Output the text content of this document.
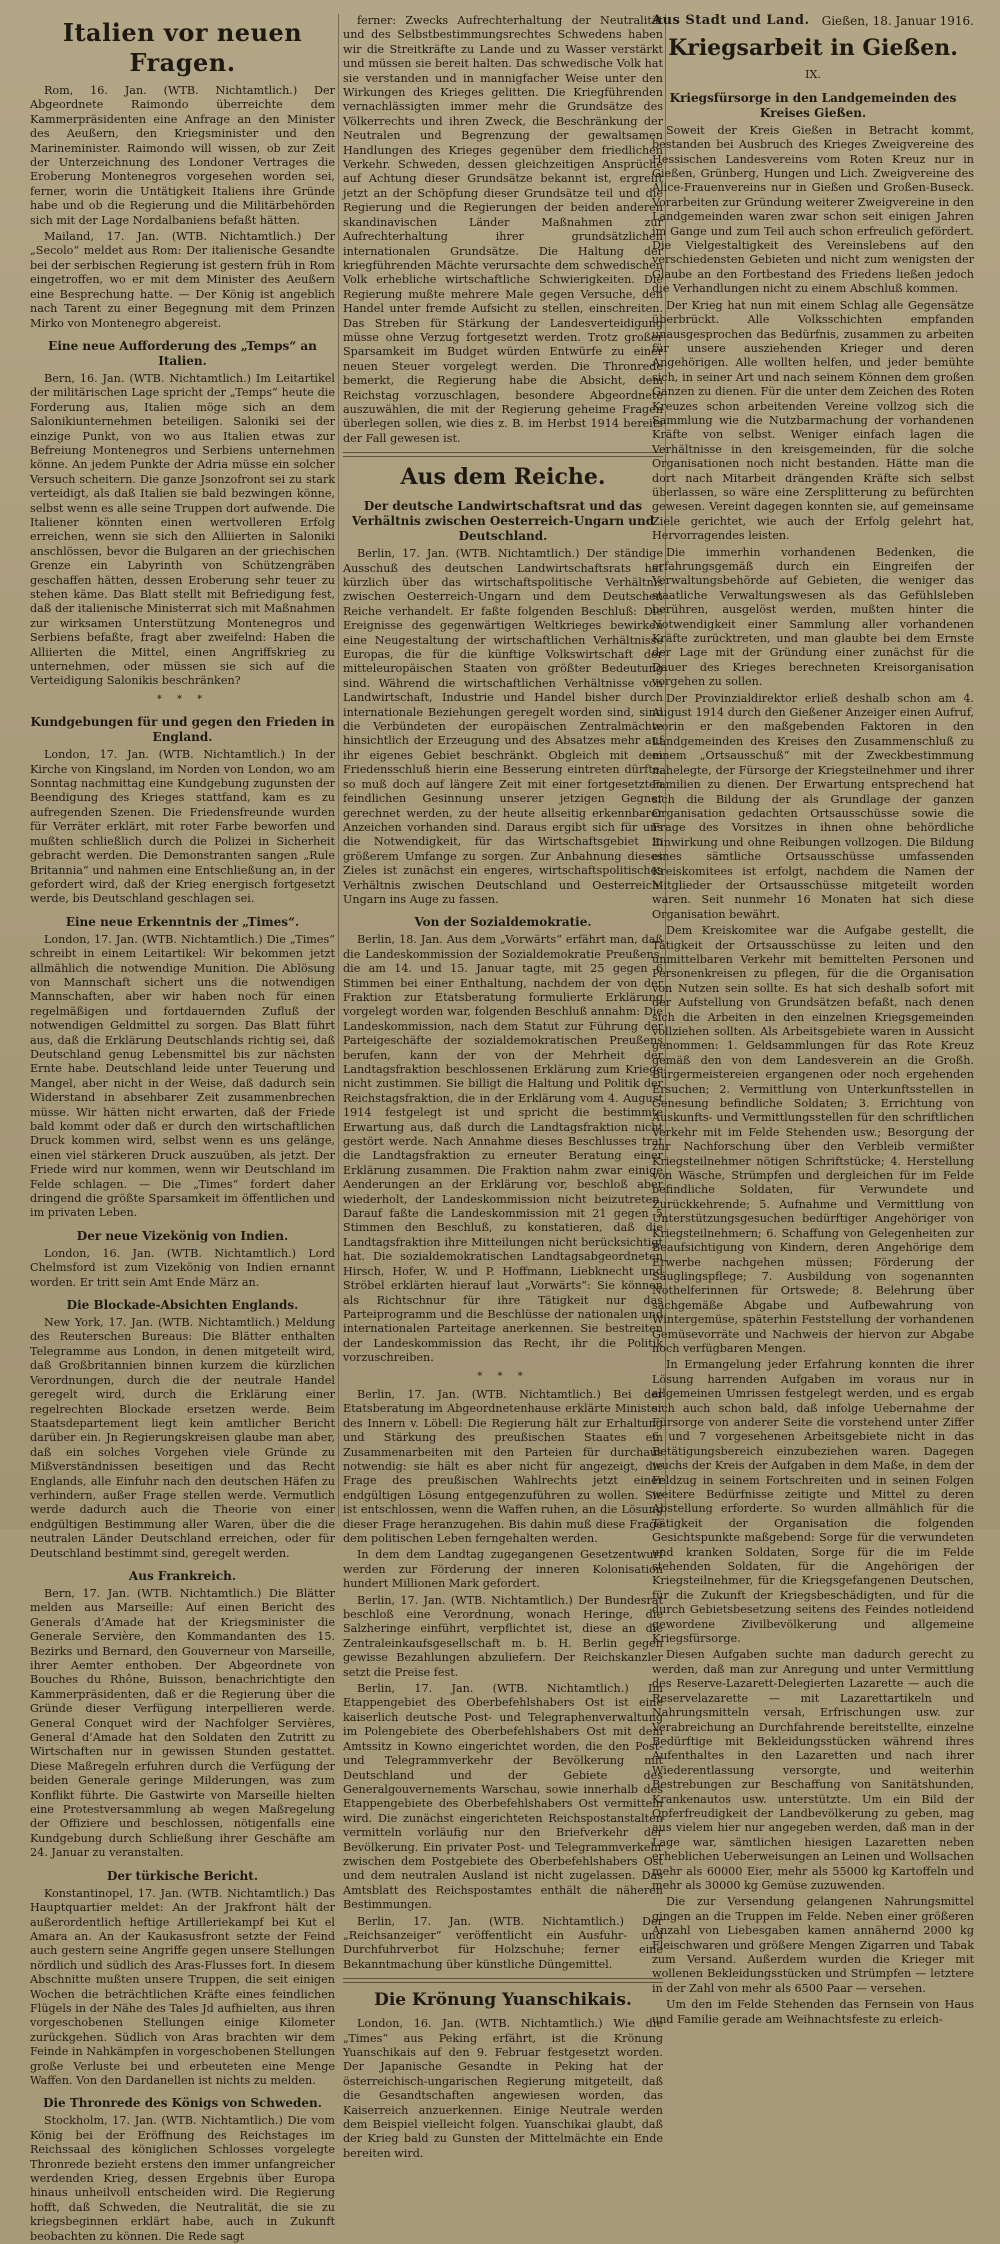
Italien vor neuen Fragen.

Rom, 16. Jan. (WTB. Nichtamtlich.) Der Abgeordnete Raimondo überreichte dem Kammerpräsidenten eine Anfrage an den Minister des Aeußern, den Kriegsminister und den Marineminister. Raimondo will wissen, ob zur Zeit der Unterzeichnung des Londoner Vertrages die Eroberung Montenegros vorgesehen worden sei, ferner, worin die Untätigkeit Italiens ihre Gründe habe und ob die Regierung und die Militärbehörden sich mit der Lage Nordalbaniens befaßt hätten.

Mailand, 17. Jan. (WTB. Nichtamtlich.) Der „Secolo“ meldet aus Rom: Der italienische Gesandte bei der serbischen Regierung ist gestern früh in Rom eingetroffen, wo er mit dem Minister des Aeußern eine Besprechung hatte. — Der König ist angeblich nach Tarent zu einer Begegnung mit dem Prinzen Mirko von Montenegro abgereist.

Eine neue Aufforderung des „Temps“ an Italien.

Bern, 16. Jan. (WTB. Nichtamtlich.) Im Leitartikel der militärischen Lage spricht der „Temps“ heute die Forderung aus, Italien möge sich an dem Salonikiunternehmen beteiligen. Saloniki sei der einzige Punkt, von wo aus Italien etwas zur Befreiung Montenegros und Serbiens unternehmen könne. An jedem Punkte der Adria müsse ein solcher Versuch scheitern. Die ganze Jsonzofront sei zu stark verteidigt, als daß Italien sie bald bezwingen könne, selbst wenn es alle seine Truppen dort aufwende. Die Italiener könnten einen wertvolleren Erfolg erreichen, wenn sie sich den Alliierten in Saloniki anschlössen, bevor die Bulgaren an der griechischen Grenze ein Labyrinth von Schützengräben geschaffen hätten, dessen Eroberung sehr teuer zu stehen käme. Das Blatt stellt mit Befriedigung fest, daß der italienische Ministerrat sich mit Maßnahmen zur wirksamen Unterstützung Montenegros und Serbiens befaßte, fragt aber zweifelnd: Haben die Alliierten die Mittel, einen Angriffskrieg zu unternehmen, oder müssen sie sich auf die Verteidigung Salonikis beschränken?

* * *
Kundgebungen für und gegen den Frieden in England.

London, 17. Jan. (WTB. Nichtamtlich.) In der Kirche von Kingsland, im Norden von London, wo am Sonntag nachmittag eine Kundgebung zugunsten der Beendigung des Krieges stattfand, kam es zu aufregenden Szenen. Die Friedensfreunde wurden für Verräter erklärt, mit roter Farbe beworfen und mußten schließlich durch die Polizei in Sicherheit gebracht werden. Die Demonstranten sangen „Rule Britannia“ und nahmen eine Entschließung an, in der gefordert wird, daß der Krieg energisch fortgesetzt werde, bis Deutschland geschlagen sei.

Eine neue Erkenntnis der „Times“.

London, 17. Jan. (WTB. Nichtamtlich.) Die „Times“ schreibt in einem Leitartikel: Wir bekommen jetzt allmählich die notwendige Munition. Die Ablösung von Mannschaft sichert uns die notwendigen Mannschaften, aber wir haben noch für einen regelmäßigen und fortdauernden Zufluß der notwendigen Geldmittel zu sorgen. Das Blatt führt aus, daß die Erklärung Deutschlands richtig sei, daß Deutschland genug Lebensmittel bis zur nächsten Ernte habe. Deutschland leide unter Teuerung und Mangel, aber nicht in der Weise, daß dadurch sein Widerstand in absehbarer Zeit zusammenbrechen müsse. Wir hätten nicht erwarten, daß der Friede bald kommt oder daß er durch den wirtschaftlichen Druck kommen wird, selbst wenn es uns gelänge, einen viel stärkeren Druck auszuüben, als jetzt. Der Friede wird nur kommen, wenn wir Deutschland im Felde schlagen. — Die „Times“ fordert daher dringend die größte Sparsamkeit im öffentlichen und im privaten Leben.

Der neue Vizekönig von Indien.

London, 16. Jan. (WTB. Nichtamtlich.) Lord Chelmsford ist zum Vizekönig von Indien ernannt worden. Er tritt sein Amt Ende März an.

Die Blockade-Absichten Englands.

New York, 17. Jan. (WTB. Nichtamtlich.) Meldung des Reuterschen Bureaus: Die Blätter enthalten Telegramme aus London, in denen mitgeteilt wird, daß Großbritannien binnen kurzem die kürzlichen Verordnungen, durch die der neutrale Handel geregelt wird, durch die Erklärung einer regelrechten Blockade ersetzen werde. Beim Staatsdepartement liegt kein amtlicher Bericht darüber ein. Jn Regierungskreisen glaube man aber, daß ein solches Vorgehen viele Gründe zu Mißverständnissen beseitigen und das Recht Englands, alle Einfuhr nach den deutschen Häfen zu verhindern, außer Frage stellen werde. Vermutlich werde dadurch auch die Theorie von einer endgültigen Bestimmung aller Waren, über die die neutralen Länder Deutschland erreichen, oder für Deutschland bestimmt sind, geregelt werden.

Aus Frankreich.

Bern, 17. Jan. (WTB. Nichtamtlich.) Die Blätter melden aus Marseille: Auf einen Bericht des Generals d’Amade hat der Kriegsminister die Generale Servière, den Kommandanten des 15. Bezirks und Bernard, den Gouverneur von Marseille, ihrer Aemter enthoben. Der Abgeordnete von Bouches du Rhône, Buisson, benachrichtigte den Kammerpräsidenten, daß er die Regierung über die Gründe dieser Verfügung interpellieren werde. General Conquet wird der Nachfolger Servières, General d’Amade hat den Soldaten den Zutritt zu Wirtschaften nur in gewissen Stunden gestattet. Diese Maßregeln erfuhren durch die Verfügung der beiden Generale geringe Milderungen, was zum Konflikt führte. Die Gastwirte von Marseille hielten eine Protestversammlung ab wegen Maßregelung der Offiziere und beschlossen, nötigenfalls eine Kundgebung durch Schließung ihrer Geschäfte am 24. Januar zu veranstalten.

Der türkische Bericht.

Konstantinopel, 17. Jan. (WTB. Nichtamtlich.) Das Hauptquartier meldet: An der Jrakfront hält der außerordentlich heftige Artilleriekampf bei Kut el Amara an. An der Kaukasusfront setzte der Feind auch gestern seine Angriffe gegen unsere Stellungen nördlich und südlich des Aras-Flusses fort. In diesem Abschnitte mußten unsere Truppen, die seit einigen Wochen die beträchtlichen Kräfte eines feindlichen Flügels in der Nähe des Tales Jd aufhielten, aus ihren vorgeschobenen Stellungen einige Kilometer zurückgehen. Südlich von Aras brachten wir dem Feinde in Nahkämpfen in vorgeschobenen Stellungen große Verluste bei und erbeuteten eine Menge Waffen. Von den Dardanellen ist nichts zu melden.

Die Thronrede des Königs von Schweden.

Stockholm, 17. Jan. (WTB. Nichtamtlich.) Die vom König bei der Eröffnung des Reichstages im Reichssaal des königlichen Schlosses vorgelegte Thronrede bezieht erstens den immer unfangreicher werdenden Krieg, dessen Ergebnis über Europa hinaus unheilvoll entscheiden wird. Die Regierung hofft, daß Schweden, die Neutralität, die sie zu kriegsbeginnen erklärt habe, auch in Zukunft beobachten zu können. Die Rede sagt

ferner: Zwecks Aufrechterhaltung der Neutralität und des Selbstbestimmungsrechtes Schwedens haben wir die Streitkräfte zu Lande und zu Wasser verstärkt und müssen sie bereit halten. Das schwedische Volk hat sie verstanden und in mannigfacher Weise unter den Wirkungen des Krieges gelitten. Die Kriegführenden vernachlässigten immer mehr die Grundsätze des Völkerrechts und ihren Zweck, die Beschränkung der Neutralen und Begrenzung der gewaltsamen Handlungen des Krieges gegenüber dem friedlichen Verkehr. Schweden, dessen gleichzeitigen Ansprüche auf Achtung dieser Grundsätze bekannt ist, ergreift jetzt an der Schöpfung dieser Grundsätze teil und die Regierung und die Regierungen der beiden anderen skandinavischen Länder Maßnahmen zur Aufrechterhaltung ihrer grundsätzlichen internationalen Grundsätze. Die Haltung der kriegführenden Mächte verursachte dem schwedischen Volk erhebliche wirtschaftliche Schwierigkeiten. Die Regierung mußte mehrere Male gegen Versuche, den Handel unter fremde Aufsicht zu stellen, einschreiten. Das Streben für Stärkung der Landesverteidigung müsse ohne Verzug fortgesetzt werden. Trotz großer Sparsamkeit im Budget würden Entwürfe zu einer neuen Steuer vorgelegt werden. Die Thronrede bemerkt, die Regierung habe die Absicht, dem Reichstag vorzuschlagen, besondere Abgeordnete auszuwählen, die mit der Regierung geheime Fragen überlegen sollen, wie dies z. B. im Herbst 1914 bereits der Fall gewesen ist.

Aus dem Reiche.
Der deutsche Landwirtschaftsrat und das Verhältnis zwischen Oesterreich-Ungarn und Deutschland.

Berlin, 17. Jan. (WTB. Nichtamtlich.) Der ständige Ausschuß des deutschen Landwirtschaftsrats hat kürzlich über das wirtschaftspolitische Verhältnis zwischen Oesterreich-Ungarn und dem Deutschen Reiche verhandelt. Er faßte folgenden Beschluß: Die Ereignisse des gegenwärtigen Weltkrieges bewirken eine Neugestaltung der wirtschaftlichen Verhältnisse Europas, die für die künftige Volkswirtschaft der mitteleuropäischen Staaten von größter Bedeutung sind. Während die wirtschaftlichen Verhältnisse von Landwirtschaft, Industrie und Handel bisher durch internationale Beziehungen geregelt worden sind, sind die Verbündeten der europäischen Zentralmächte hinsichtlich der Erzeugung und des Absatzes mehr auf ihr eigenes Gebiet beschränkt. Obgleich mit dem Friedensschluß hierin eine Besserung eintreten dürfte, so muß doch auf längere Zeit mit einer fortgesetzten feindlichen Gesinnung unserer jetzigen Gegner gerechnet werden, zu der heute allseitig erkennbarer Anzeichen vorhanden sind. Daraus ergibt sich für uns die Notwendigkeit, für das Wirtschaftsgebiet in größerem Umfange zu sorgen. Zur Anbahnung dieses Zieles ist zunächst ein engeres, wirtschaftspolitisches Verhältnis zwischen Deutschland und Oesterreich-Ungarn ins Auge zu fassen.

Von der Sozialdemokratie.

Berlin, 18. Jan. Aus dem „Vorwärts“ erfährt man, daß die Landeskommission der Sozialdemokratie Preußens, die am 14. und 15. Januar tagte, mit 25 gegen 6 Stimmen bei einer Enthaltung, nachdem der von der Fraktion zur Etatsberatung formulierte Erklärung vorgelegt worden war, folgenden Beschluß annahm: Die Landeskommission, nach dem Statut zur Führung der Parteigeschäfte der sozialdemokratischen Preußens berufen, kann der von der Mehrheit der Landtagsfraktion beschlossenen Erklärung zum Kriege nicht zustimmen. Sie billigt die Haltung und Politik der Reichstagsfraktion, die in der Erklärung vom 4. August 1914 festgelegt ist und spricht die bestimmte Erwartung aus, daß durch die Landtagsfraktion nicht gestört werde. Nach Annahme dieses Beschlusses trat die Landtagsfraktion zu erneuter Beratung einer Erklärung zusammen. Die Fraktion nahm zwar einige Aenderungen an der Erklärung vor, beschloß aber wiederholt, der Landeskommission nicht beizutreten. Darauf faßte die Landeskommission mit 21 gegen 5 Stimmen den Beschluß, zu konstatieren, daß die Landtagsfraktion ihre Mitteilungen nicht berücksichtigt hat. Die sozialdemokratischen Landtagsabgeordneten Hirsch, Hofer, W. und P. Hoffmann, Liebknecht und Ströbel erklärten hierauf laut „Vorwärts“: Sie können als Richtschnur für ihre Tätigkeit nur das Parteiprogramm und die Beschlüsse der nationalen und internationalen Parteitage anerkennen. Sie bestreiten der Landeskommission das Recht, ihr die Politik vorzuschreiben.

* * *

Berlin, 17. Jan. (WTB. Nichtamtlich.) Bei der Etatsberatung im Abgeordnetenhause erklärte Minister des Innern v. Löbell: Die Regierung hält zur Erhaltung und Stärkung des preußischen Staates ein Zusammenarbeiten mit den Parteien für durchaus notwendig: sie hält es aber nicht für angezeigt, die Frage des preußischen Wahlrechts jetzt einer endgültigen Lösung entgegenzuführen zu wollen. Sie ist entschlossen, wenn die Waffen ruhen, an die Lösung dieser Frage heranzugehen. Bis dahin muß diese Frage dem politischen Leben ferngehalten werden.

In dem dem Landtag zugegangenen Gesetzentwurf werden zur Förderung der inneren Kolonisation hundert Millionen Mark gefordert.

Berlin, 17. Jan. (WTB. Nichtamtlich.) Der Bundesrat beschloß eine Verordnung, wonach Heringe, die Salzheringe einführt, verpflichtet ist, diese an die Zentraleinkaufsgesellschaft m. b. H. Berlin gegen gewisse Bezahlungen abzuliefern. Der Reichskanzler setzt die Preise fest.

Berlin, 17. Jan. (WTB. Nichtamtlich.) Im Etappengebiet des Oberbefehlshabers Ost ist eine kaiserlich deutsche Post- und Telegraphenverwaltung im Polengebiete des Oberbefehlshabers Ost mit dem Amtssitz in Kowno eingerichtet worden, die den Post- und Telegrammverkehr der Bevölkerung mit Deutschland und der Gebiete des Generalgouvernements Warschau, sowie innerhalb des Etappengebiete des Oberbefehlshabers Ost vermitteln wird. Die zunächst eingerichteten Reichspostanstalten vermitteln vorläufig nur den Briefverkehr der Bevölkerung. Ein privater Post- und Telegrammverkehr zwischen dem Postgebiete des Oberbefehlshabers Ost und dem neutralen Ausland ist nicht zugelassen. Das Amtsblatt des Reichspostamtes enthält die näheren Bestimmungen.

Berlin, 17. Jan. (WTB. Nichtamtlich.) Der „Reichsanzeiger“ veröffentlicht ein Ausfuhr- und Durchfuhrverbot für Holzschuhe; ferner eine Bekanntmachung über künstliche Düngemittel.

Die Krönung Yuanschikais.

London, 16. Jan. (WTB. Nichtamtlich.) Wie die „Times“ aus Peking erfährt, ist die Krönung Yuanschikais auf den 9. Februar festgesetzt worden. Der Japanische Gesandte in Peking hat der österreichisch-ungarischen Regierung mitgeteilt, daß die Gesandtschaften angewiesen worden, das Kaiserreich anzuerkennen. Einige Neutrale werden dem Beispiel vielleicht folgen. Yuanschikai glaubt, daß der Krieg bald zu Gunsten der Mittelmächte ein Ende bereiten wird.

Aus Stadt und Land. Gießen, 18. Januar 1916.
Kriegsarbeit in Gießen.
IX.
Kriegsfürsorge in den Landgemeinden des Kreises Gießen.

Soweit der Kreis Gießen in Betracht kommt, bestanden bei Ausbruch des Krieges Zweigvereine des Hessischen Landesvereins vom Roten Kreuz nur in Gießen, Grünberg, Hungen und Lich. Zweigvereine des Alice-Frauenvereins nur in Gießen und Großen-Buseck. Vorarbeiten zur Gründung weiterer Zweigvereine in den Landgemeinden waren zwar schon seit einigen Jahren im Gange und zum Teil auch schon erfreulich gefördert. Die Vielgestaltigkeit des Vereinslebens auf den verschiedensten Gebieten und nicht zum wenigsten der Glaube an den Fortbestand des Friedens ließen jedoch die Verhandlungen nicht zu einem Abschluß kommen.

Der Krieg hat nun mit einem Schlag alle Gegensätze überbrückt. Alle Volksschichten empfanden unausgesprochen das Bedürfnis, zusammen zu arbeiten für unsere ausziehenden Krieger und deren Angehörigen. Alle wollten helfen, und jeder bemühte sich, in seiner Art und nach seinem Können dem großen Ganzen zu dienen. Für die unter dem Zeichen des Roten Kreuzes schon arbeitenden Vereine vollzog sich die Sammlung wie die Nutzbarmachung der vorhandenen Kräfte von selbst. Weniger einfach lagen die Verhältnisse in den kreisgemeinden, für die solche Organisationen noch nicht bestanden. Hätte man die dort nach Mitarbeit drängenden Kräfte sich selbst überlassen, so wäre eine Zersplitterung zu befürchten gewesen. Vereint dagegen konnten sie, auf gemeinsame Ziele gerichtet, wie auch der Erfolg gelehrt hat, Hervorragendes leisten.

Die immerhin vorhandenen Bedenken, die erfahrungsgemäß durch ein Eingreifen der Verwaltungsbehörde auf Gebieten, die weniger das staatliche Verwaltungswesen als das Gefühlsleben berühren, ausgelöst werden, mußten hinter die Notwendigkeit einer Sammlung aller vorhandenen Kräfte zurücktreten, und man glaubte bei dem Ernste der Lage mit der Gründung einer zunächst für die Dauer des Krieges berechneten Kreisorganisation vorgehen zu sollen.

Der Provinzialdirektor erließ deshalb schon am 4. August 1914 durch den Gießener Anzeiger einen Aufruf, worin er den maßgebenden Faktoren in den Landgemeinden des Kreises den Zusammenschluß zu einem „Ortsausschuß“ mit der Zweckbestimmung nahelegte, der Fürsorge der Kriegsteilnehmer und ihrer Familien zu dienen. Der Erwartung entsprechend hat sich die Bildung der als Grundlage der ganzen Organisation gedachten Ortsausschüsse sowie die Frage des Vorsitzes in ihnen ohne behördliche Einwirkung und ohne Reibungen vollzogen. Die Bildung eines sämtliche Ortsausschüsse umfassenden Kreiskomitees ist erfolgt, nachdem die Namen der Mitglieder der Ortsausschüsse mitgeteilt worden waren. Seit nunmehr 16 Monaten hat sich diese Organisation bewährt.

Dem Kreiskomitee war die Aufgabe gestellt, die Tätigkeit der Ortsausschüsse zu leiten und den unmittelbaren Verkehr mit bemittelten Personen und Personenkreisen zu pflegen, für die die Organisation von Nutzen sein sollte. Es hat sich deshalb sofort mit der Aufstellung von Grundsätzen befaßt, nach denen sich die Arbeiten in den einzelnen Kriegsgemeinden vollziehen sollten. Als Arbeitsgebiete waren in Aussicht genommen: 1. Geldsammlungen für das Rote Kreuz gemäß den von dem Landesverein an die Großh. Bürgermeistereien ergangenen oder noch ergehenden Ersuchen; 2. Vermittlung von Unterkunftsstellen in Genesung befindliche Soldaten; 3. Errichtung von Auskunfts- und Vermittlungsstellen für den schriftlichen Verkehr mit im Felde Stehenden usw.; Besorgung der zur Nachforschung über den Verbleib vermißter Kriegsteilnehmer nötigen Schriftstücke; 4. Herstellung von Wäsche, Strümpfen und dergleichen für im Felde befindliche Soldaten, für Verwundete und Zurückkehrende; 5. Aufnahme und Vermittlung von Unterstützungsgesuchen bedürftiger Angehöriger von Kriegsteilnehmern; 6. Schaffung von Gelegenheiten zur Beaufsichtigung von Kindern, deren Angehörige dem Erwerbe nachgehen müssen; Förderung der Säuglingspflege; 7. Ausbildung von sogenannten Nothelferinnen für Ortswede; 8. Belehrung über sachgemäße Abgabe und Aufbewahrung von Wintergemüse, späterhin Feststellung der vorhandenen Gemüsevorräte und Nachweis der hiervon zur Abgabe noch verfügbaren Mengen.

In Ermangelung jeder Erfahrung konnten die ihrer Lösung harrenden Aufgaben im voraus nur in allgemeinen Umrissen festgelegt werden, und es ergab sich auch schon bald, daß infolge Uebernahme der Fürsorge von anderer Seite die vorstehend unter Ziffer 6 und 7 vorgesehenen Arbeitsgebiete nicht in das Betätigungsbereich einzubeziehen waren. Dagegen wuchs der Kreis der Aufgaben in dem Maße, in dem der Feldzug in seinem Fortschreiten und in seinen Folgen weitere Bedürfnisse zeitigte und Mittel zu deren Abstellung erforderte. So wurden allmählich für die Tätigkeit der Organisation die folgenden Gesichtspunkte maßgebend: Sorge für die verwundeten und kranken Soldaten, Sorge für die im Felde stehenden Soldaten, für die Angehörigen der Kriegsteilnehmer, für die Kriegsgefangenen Deutschen, für die Zukunft der Kriegsbeschädigten, und für die durch Gebietsbesetzung seitens des Feindes notleidend gewordene Zivilbevölkerung und allgemeine Kriegsfürsorge.

Diesen Aufgaben suchte man dadurch gerecht zu werden, daß man zur Anregung und unter Vermittlung des Reserve-Lazarett-Delegierten Lazarette — auch die Reservelazarette — mit Lazarettartikeln und Nahrungsmitteln versah, Erfrischungen usw. zur Verabreichung an Durchfahrende bereitstellte, einzelne Bedürftige mit Bekleidungsstücken während ihres Aufenthaltes in den Lazaretten und nach ihrer Wiederentlassung versorgte, und weiterhin Bestrebungen zur Beschaffung von Sanitätshunden, Krankenautos usw. unterstützte. Um ein Bild der Opferfreudigkeit der Landbevölkerung zu geben, mag aus vielem hier nur angegeben werden, daß man in der Lage war, sämtlichen hiesigen Lazaretten neben erheblichen Ueberweisungen an Leinen und Wollsachen mehr als 60000 Eier, mehr als 55000 kg Kartoffeln und mehr als 30000 kg Gemüse zuzuwenden.

Die zur Versendung gelangenen Nahrungsmittel gingen an die Truppen im Felde. Neben einer größeren Anzahl von Liebesgaben kamen annähernd 2000 kg Fleischwaren und größere Mengen Zigarren und Tabak zum Versand. Außerdem wurden die Krieger mit wollenen Bekleidungsstücken und Strümpfen — letztere in der Zahl von mehr als 6500 Paar — versehen.

Um den im Felde Stehenden das Fernsein von Haus und Familie gerade am Weihnachtsfeste zu erleich-
